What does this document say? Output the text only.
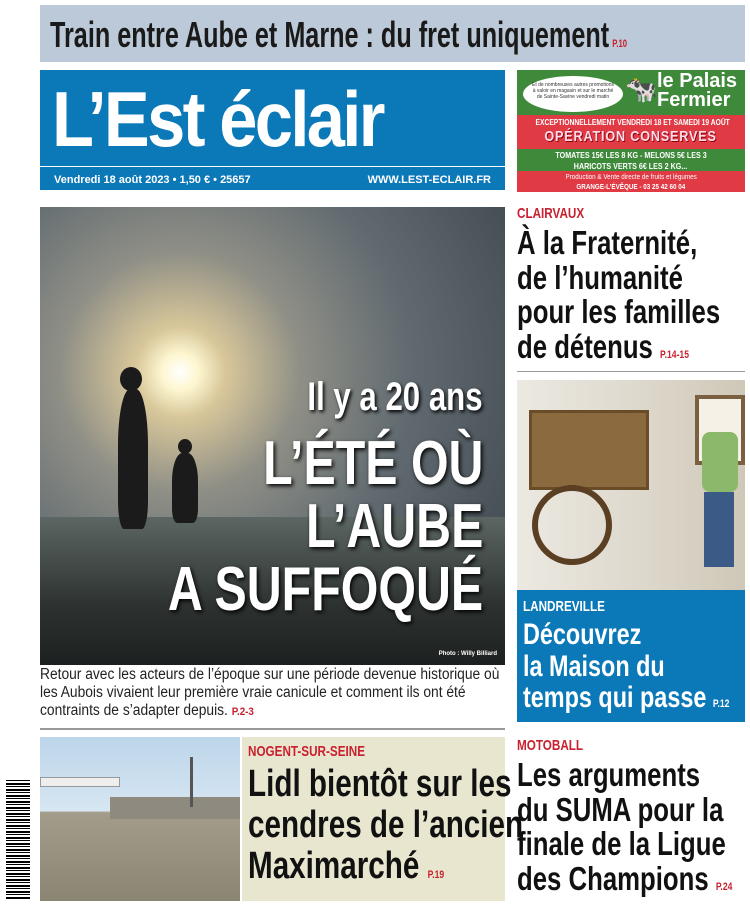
Train entre Aube et Marne : du fret uniquement P.10
L’Est éclair
Vendredi 18 août 2023 • 1,50 € • 25657	WWW.LEST-ECLAIR.FR
Et de nombreuses autres promotions à valoir en magasin et sur le marché de Sainte-Savine vendredi matin 🐄 le Palais
Fermier
EXCEPTIONNELLEMENT VENDREDI 18 ET SAMEDI 19 AOÛT
OPÉRATION CONSERVES
TOMATES 15€ LES 8 KG - MELONS 5€ LES 3
HARICOTS VERTS 6€ LES 2 KG...
Production & Vente directe de fruits et légumes
GRANGE-L’ÉVÊQUE - 03 25 42 60 04
Il y a 20 ans
L’ÉTÉ OÙ
L’AUBE
A SUFFOQUÉ
Photo : Willy Billiard
Retour avec les acteurs de l’époque sur une période devenue historique où les Aubois vivaient leur première vraie canicule et comment ils ont été contraints de s’adapter depuis. P.2-3
CLAIRVAUX
À la Fraternité,
de l’humanité
pour les familles
de détenus P.14-15
LANDREVILLE
Découvrez
la Maison du
temps qui passe P.12
NOGENT-SUR-SEINE
Lidl bientôt sur les
cendres de l’ancien
Maximarché P.19
MOTOBALL
Les arguments
du SUMA pour la
finale de la Ligue
des Champions P.24
